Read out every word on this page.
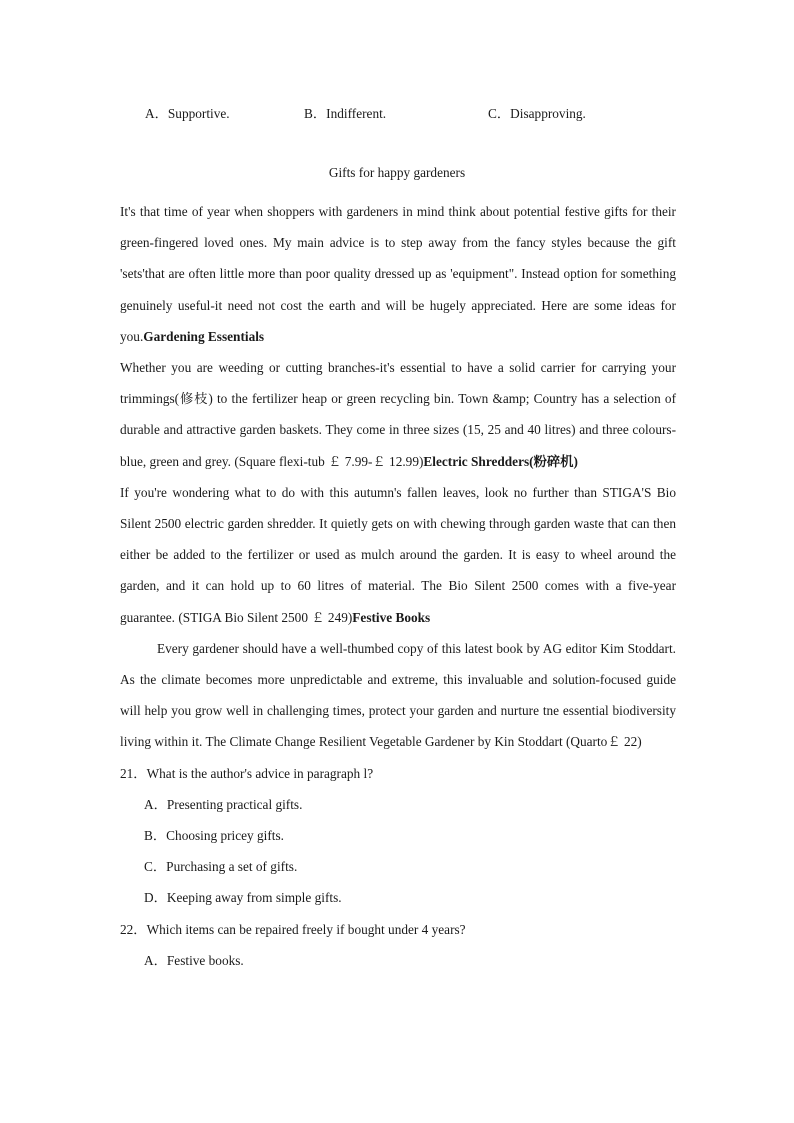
A．Supportive.	B．Indifferent.	C．Disapproving.
Gifts for happy gardeners

It's that time of year when shoppers with gardeners in mind think about potential festive gifts for their green-fingered loved ones. My main advice is to step away from the fancy styles because the gift 'sets'that are often little more than poor quality dressed up as 'equipment". Instead option for something genuinely useful-it need not cost the earth and will be hugely appreciated. Here are some ideas for you.Gardening Essentials

Whether you are weeding or cutting branches-it's essential to have a solid carrier for carrying your trimmings(修枝) to the fertilizer heap or green recycling bin. Town &amp; Country has a selection of durable and attractive garden baskets. They come in three sizes (15, 25 and 40 litres) and three colours-blue, green and grey. (Square flexi-tub ￡ 7.99-￡ 12.99)Electric Shredders(粉碎机)

If you're wondering what to do with this autumn's fallen leaves, look no further than STIGA'S Bio Silent 2500 electric garden shredder. It quietly gets on with chewing through garden waste that can then either be added to the fertilizer or used as mulch around the garden. It is easy to wheel around the garden, and it can hold up to 60 litres of material. The Bio Silent 2500 comes with a five-year guarantee. (STIGA Bio Silent 2500 ￡ 249)Festive Books

Every gardener should have a well-thumbed copy of this latest book by AG editor Kim Stoddart. As the climate becomes more unpredictable and extreme, this invaluable and solution-focused guide will help you grow well in challenging times, protect your garden and nurture tne essential biodiversity living within it. The Climate Change Resilient Vegetable Gardener by Kin Stoddart (Quarto￡ 22)

21．What is the author's advice in paragraph l?

A．Presenting practical gifts.

B．Choosing pricey gifts.

C．Purchasing a set of gifts.

D．Keeping away from simple gifts.

22．Which items can be repaired freely if bought under 4 years?

A．Festive books.
